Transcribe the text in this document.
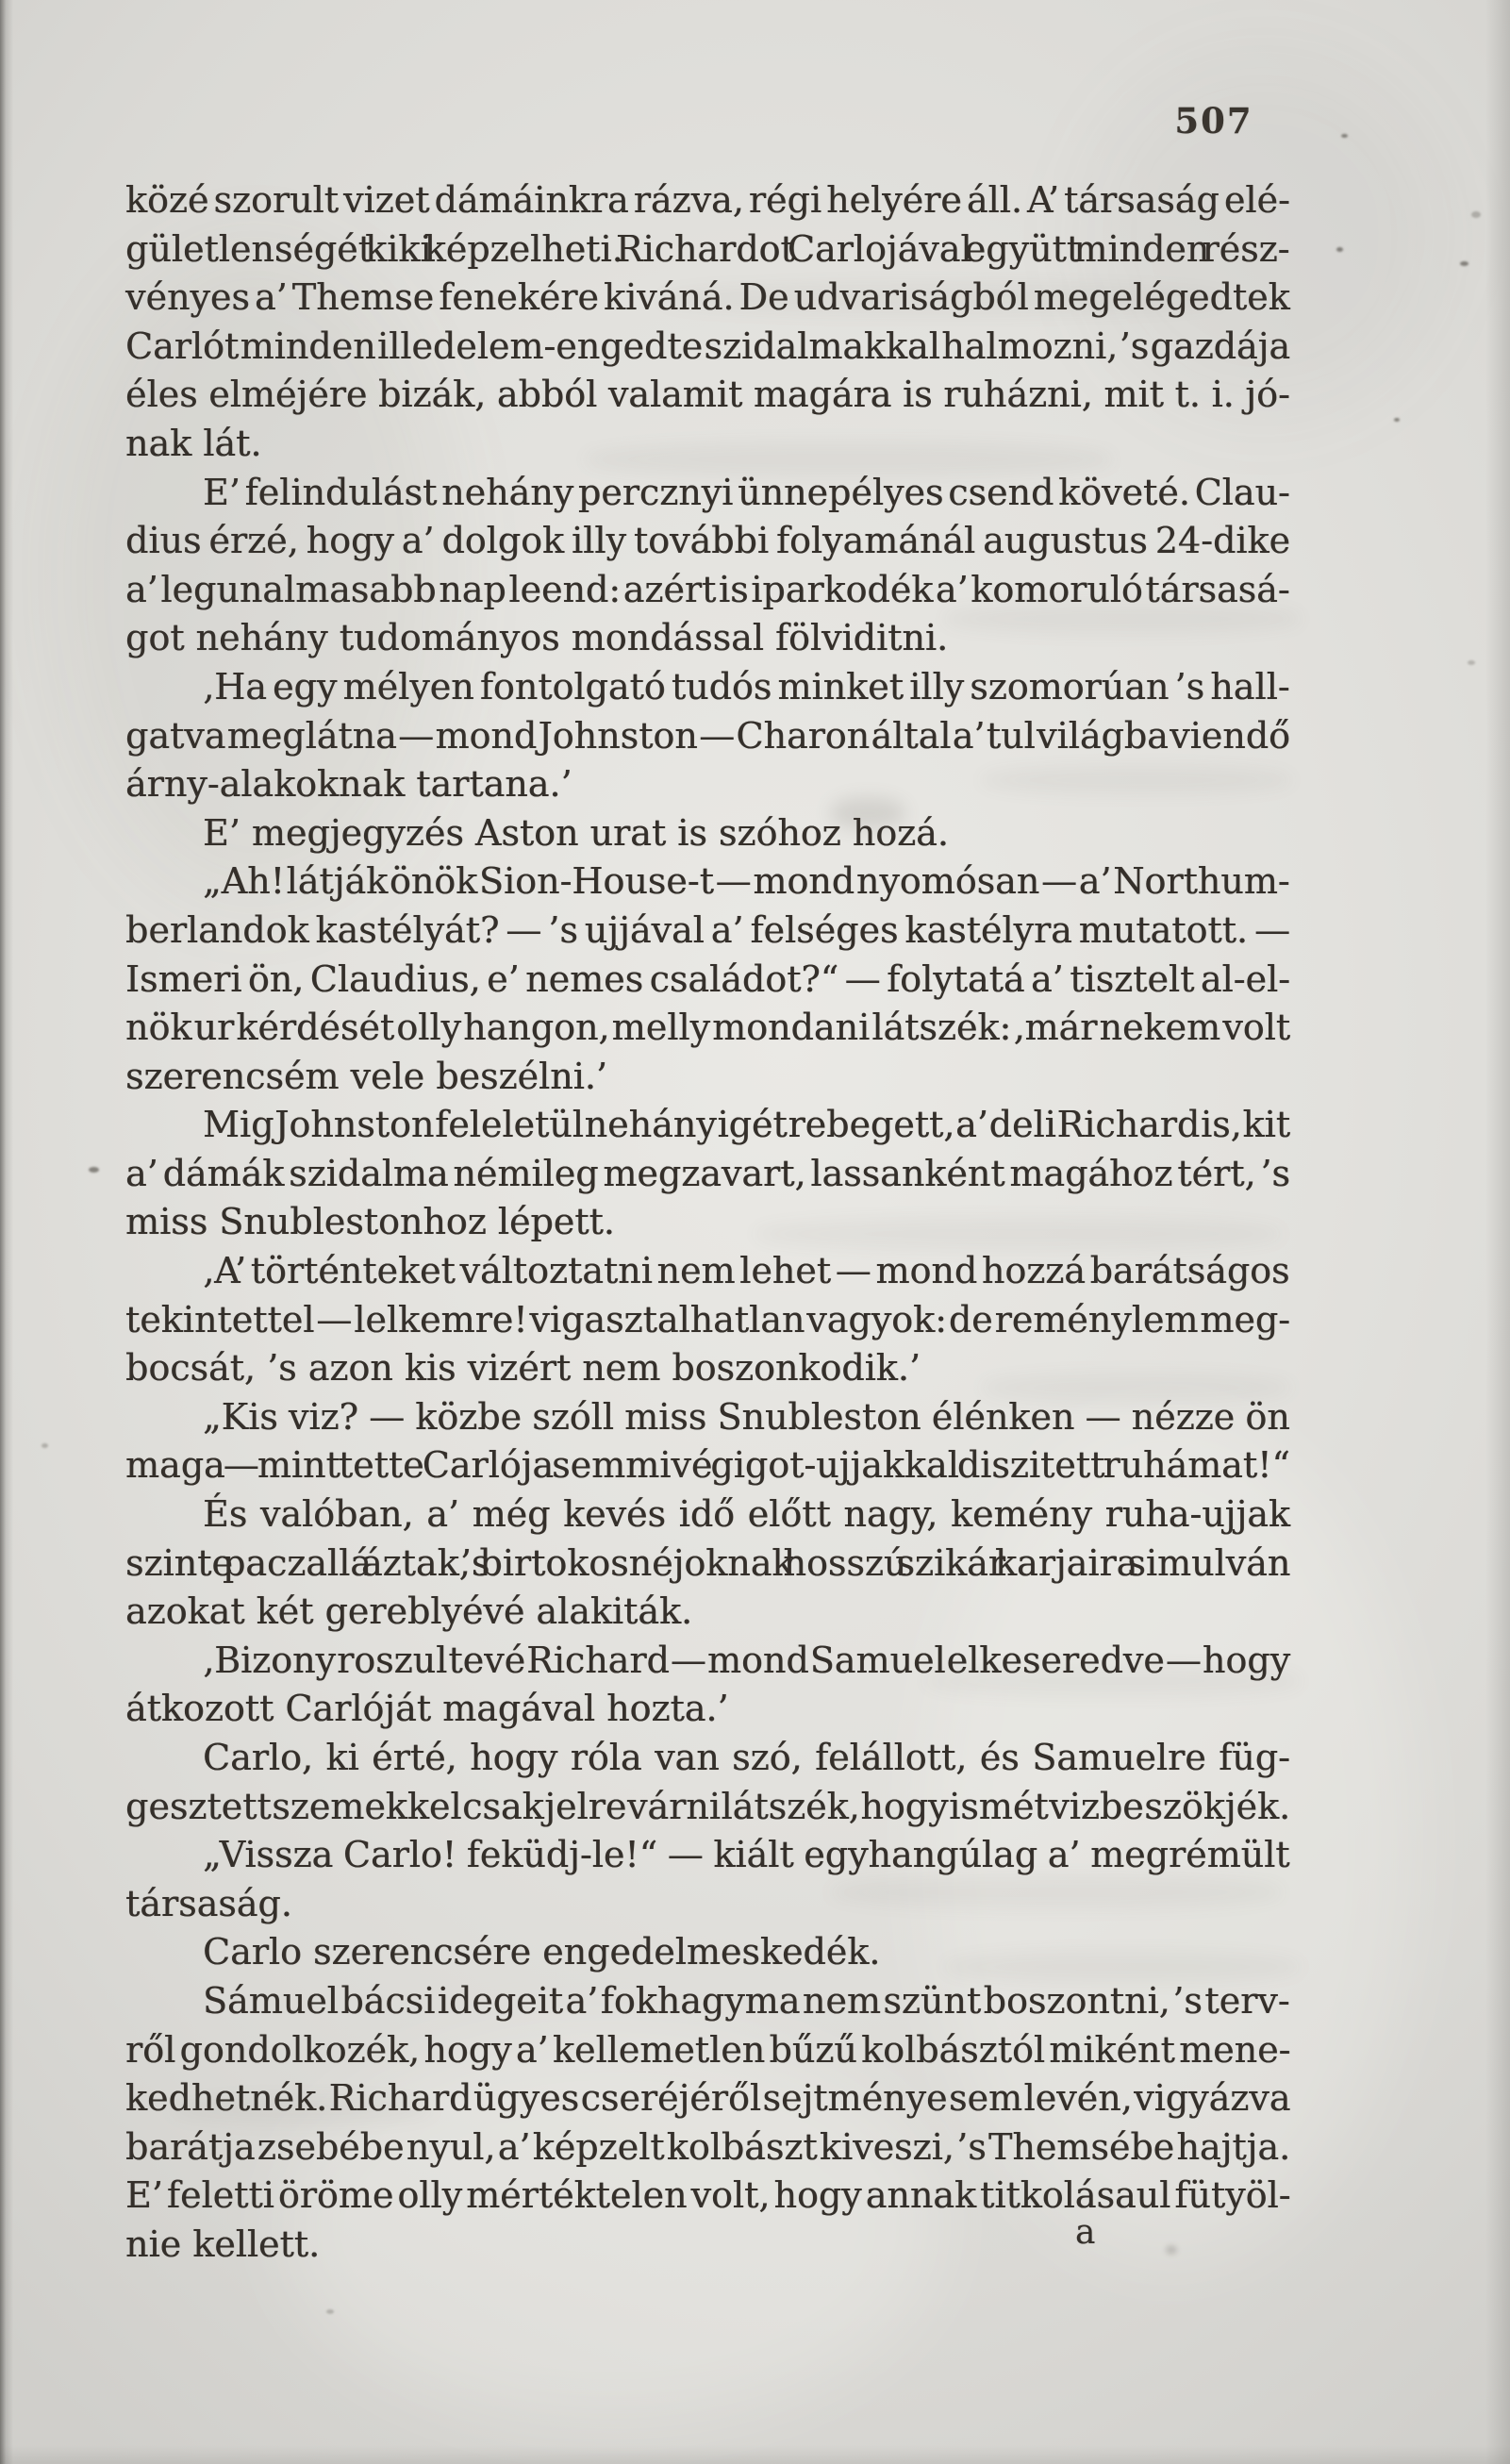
507
közé szorult vizet dámáinkra rázva, régi helyére áll. A’ társaság elé-
gületlenségét kiki képzelheti. Richardot Carlojával együtt minden rész-
vényes a’ Themse fenekére kiváná. De udvariságból megelégedtek
Carlót minden illedelem-engedte szidalmakkal halmozni, ’s gazdája
éles elméjére bizák, abból valamit magára is ruházni, mit t. i. jó-
nak lát.
E’ felindulást nehány percznyi ünnepélyes csend követé. Clau-
dius érzé, hogy a’ dolgok illy további folyamánál augustus 24-dike
a’ legunalmasabb nap leend: azért is iparkodék a’ komoruló társasá-
got nehány tudományos mondással fölviditni.
‚Ha egy mélyen fontolgató tudós minket illy szomorúan ’s hall-
gatva meglátna — mond Johnston — Charon által a’ tul világba viendő
árny-alakoknak tartana.’
E’ megjegyzés Aston urat is szóhoz hozá.
„Ah! látják önök Sion-House-t — mond nyomósan — a’ Northum-
berlandok kastélyát? — ’s ujjával a’ felséges kastélyra mutatott. —
Ismeri ön, Claudius, e’ nemes családot?“ — folytatá a’ tisztelt al-el-
nök ur kérdését olly hangon, melly mondani látszék: ‚már nekem volt
szerencsém vele beszélni.’
Mig Johnston feleletül nehány igét rebegett, a’ deli Richard is, kit
a’ dámák szidalma némileg megzavart, lassanként magához tért, ’s
miss Snublestonhoz lépett.
‚A’ történteket változtatni nem lehet — mond hozzá barátságos
tekintettel — lelkemre! vigasztalhatlan vagyok: de reménylem meg-
bocsát, ’s azon kis vizért nem boszonkodik.’
„Kis viz? — közbe szóll miss Snubleston élénken — nézze ön
maga — mint tette Carlója semmivé gigot-ujjakkal diszitett ruhámat!“
És valóban, a’ még kevés idő előtt nagy, kemény ruha-ujjak
szinte paczallá áztak, ’s birtokosnéjoknak hosszú szikár karjaira simulván
azokat két gereblyévé alakiták.
‚Bizony roszul tevé Richard — mond Samuel elkeseredve — hogy
átkozott Carlóját magával hozta.’
Carlo, ki érté, hogy róla van szó, felállott, és Samuelre füg-
gesztett szemekkel csak jelre várni látszék, hogy ismét vizbe szökjék.
„Vissza Carlo! feküdj-le!“ — kiált egyhangúlag a’ megrémült
társaság.
Carlo szerencsére engedelmeskedék.
Sámuel bácsi idegeit a’ fokhagyma nem szünt boszontni, ’s terv-
ről gondolkozék, hogy a’ kellemetlen bűzű kolbásztól miként mene-
kedhetnék. Richard ügyes cseréjéről sejtménye sem levén, vigyázva
barátja zsebébe nyul, a’ képzelt kolbászt kiveszi, ’s Themsébe hajtja.
E’ feletti öröme olly mértéktelen volt, hogy annak titkolásaul fütyöl-
nie kellett.	a
